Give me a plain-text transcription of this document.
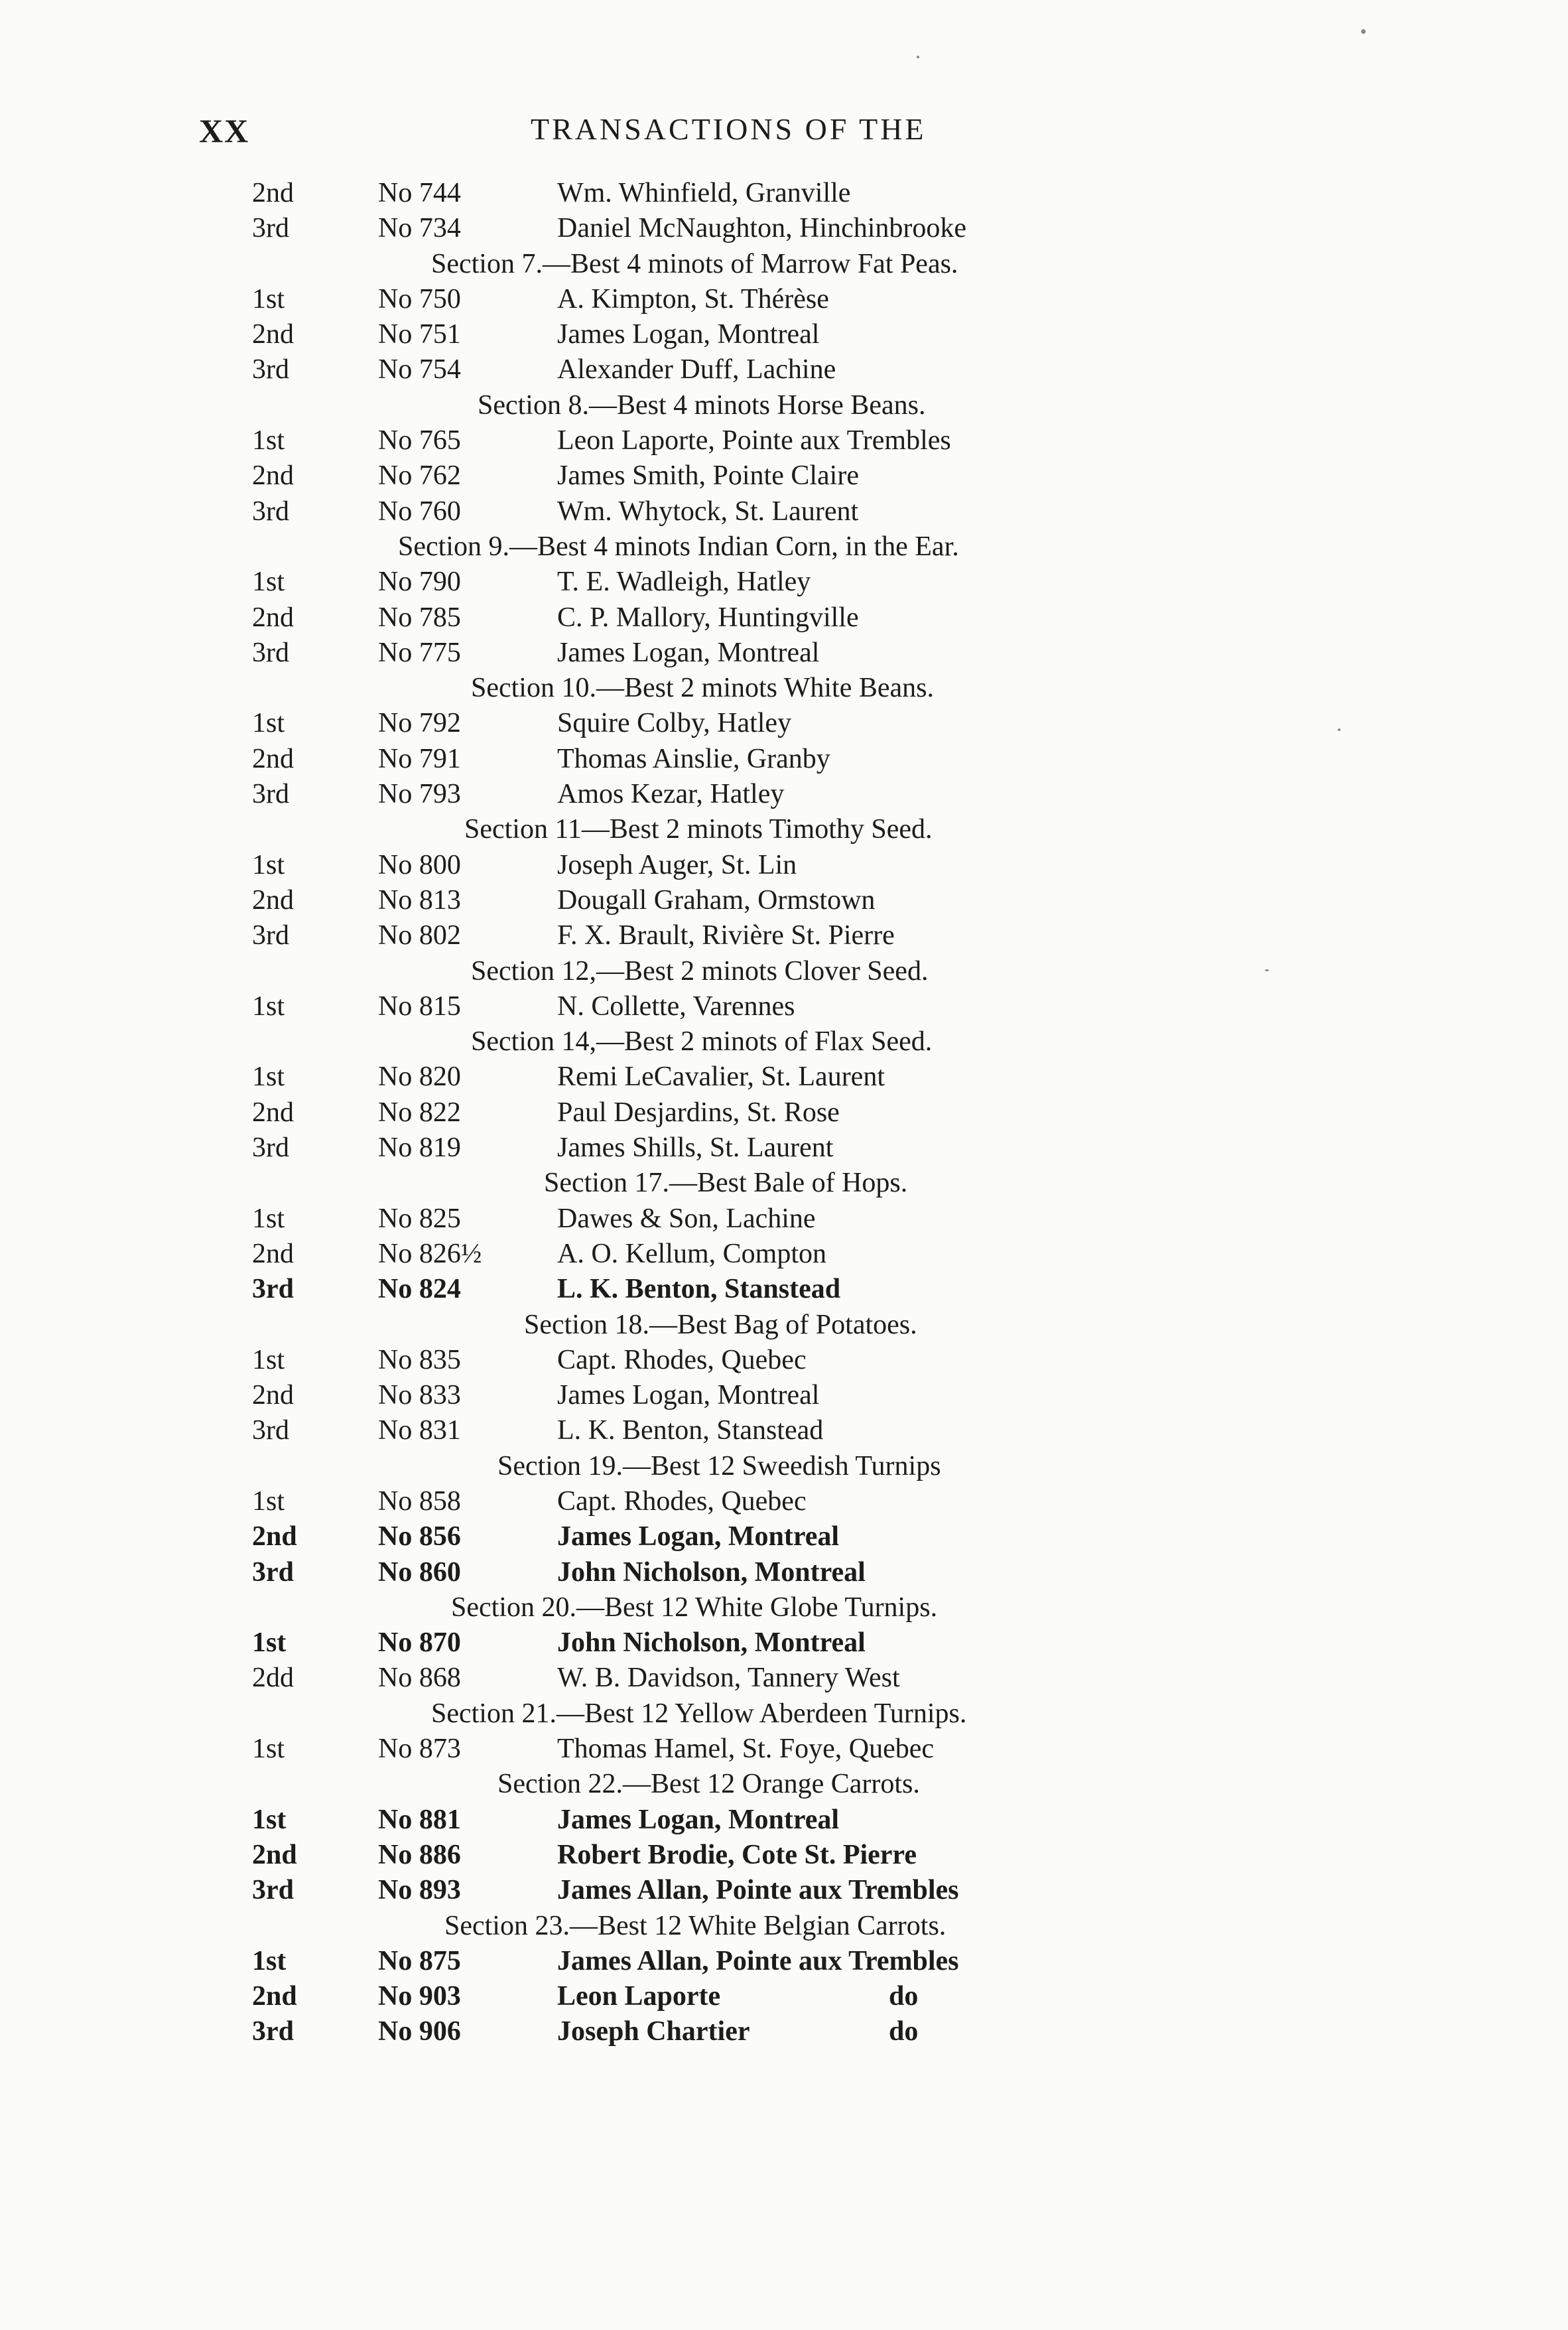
XX	TRANSACTIONS OF THE
2nd	No 744	Wm. Whinfield, Granville
3rd	No 734	Daniel McNaughton, Hinchinbrooke
Section 7.—Best 4 minots of Marrow Fat Peas.
1st	No 750	A. Kimpton, St. Thérèse
2nd	No 751	James Logan, Montreal
3rd	No 754	Alexander Duff, Lachine
Section 8.—Best 4 minots Horse Beans.
1st	No 765	Leon Laporte, Pointe aux Trembles
2nd	No 762	James Smith, Pointe Claire
3rd	No 760	Wm. Whytock, St. Laurent
Section 9.—Best 4 minots Indian Corn, in the Ear.
1st	No 790	T. E. Wadleigh, Hatley
2nd	No 785	C. P. Mallory, Huntingville
3rd	No 775	James Logan, Montreal
Section 10.—Best 2 minots White Beans.
1st	No 792	Squire Colby, Hatley
2nd	No 791	Thomas Ainslie, Granby
3rd	No 793	Amos Kezar, Hatley
Section 11—Best 2 minots Timothy Seed.
1st	No 800	Joseph Auger, St. Lin
2nd	No 813	Dougall Graham, Ormstown
3rd	No 802	F. X. Brault, Rivière St. Pierre
Section 12,—Best 2 minots Clover Seed.
1st	No 815	N. Collette, Varennes
Section 14,—Best 2 minots of Flax Seed.
1st	No 820	Remi LeCavalier, St. Laurent
2nd	No 822	Paul Desjardins, St. Rose
3rd	No 819	James Shills, St. Laurent
Section 17.—Best Bale of Hops.
1st	No 825	Dawes & Son, Lachine
2nd	No 826½	A. O. Kellum, Compton
3rd	No 824	L. K. Benton, Stanstead
Section 18.—Best Bag of Potatoes.
1st	No 835	Capt. Rhodes, Quebec
2nd	No 833	James Logan, Montreal
3rd	No 831	L. K. Benton, Stanstead
Section 19.—Best 12 Sweedish Turnips
1st	No 858	Capt. Rhodes, Quebec
2nd	No 856	James Logan, Montreal
3rd	No 860	John Nicholson, Montreal
Section 20.—Best 12 White Globe Turnips.
1st	No 870	John Nicholson, Montreal
2dd	No 868	W. B. Davidson, Tannery West
Section 21.—Best 12 Yellow Aberdeen Turnips.
1st	No 873	Thomas Hamel, St. Foye, Quebec
Section 22.—Best 12 Orange Carrots.
1st	No 881	James Logan, Montreal
2nd	No 886	Robert Brodie, Cote St. Pierre
3rd	No 893	James Allan, Pointe aux Trembles
Section 23.—Best 12 White Belgian Carrots.
1st	No 875	James Allan, Pointe aux Trembles
2nd	No 903	Leon Laporte	do
3rd	No 906	Joseph Chartier	do
